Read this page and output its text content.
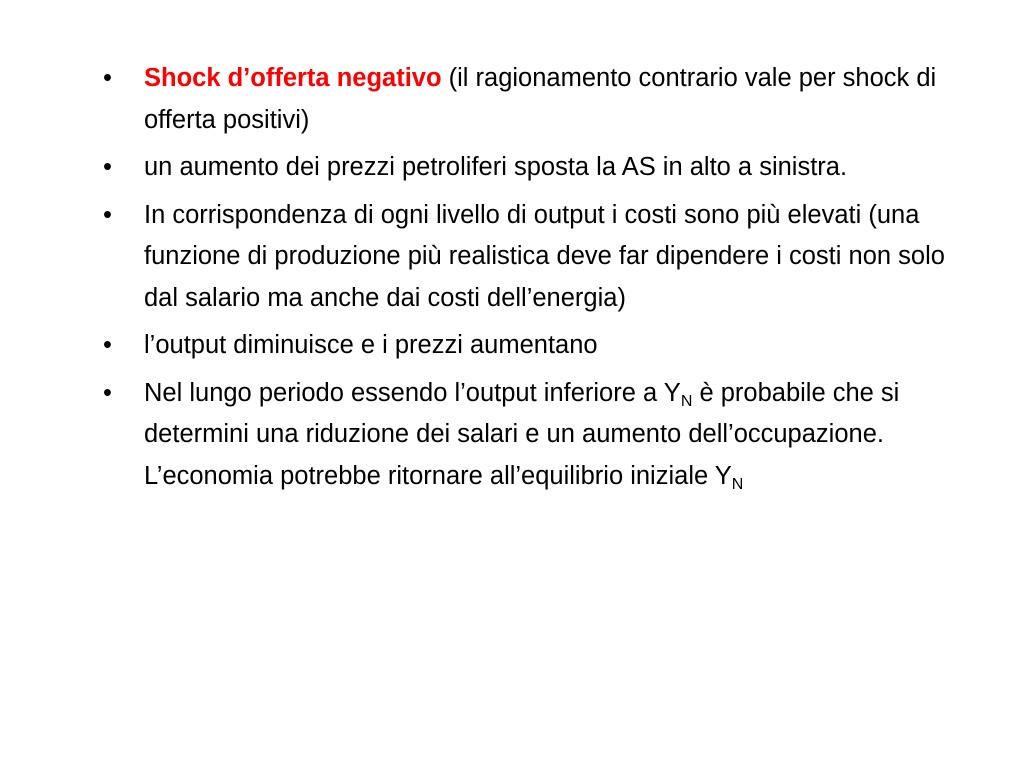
• Shock d’offerta negativo (il ragionamento contrario vale per shock di offerta positivi)
• un aumento dei prezzi petroliferi sposta la AS in alto a sinistra.
• In corrispondenza di ogni livello di output i costi sono più elevati (una funzione di produzione più realistica deve far dipendere i costi non solo dal salario ma anche dai costi dell’energia)
• l’output diminuisce e i prezzi aumentano
• Nel lungo periodo essendo l’output inferiore a $Y_N$ è probabile che si determini una riduzione dei salari e un aumento dell’occupazione. L’economia potrebbe ritornare all’equilibrio iniziale $Y_N$
